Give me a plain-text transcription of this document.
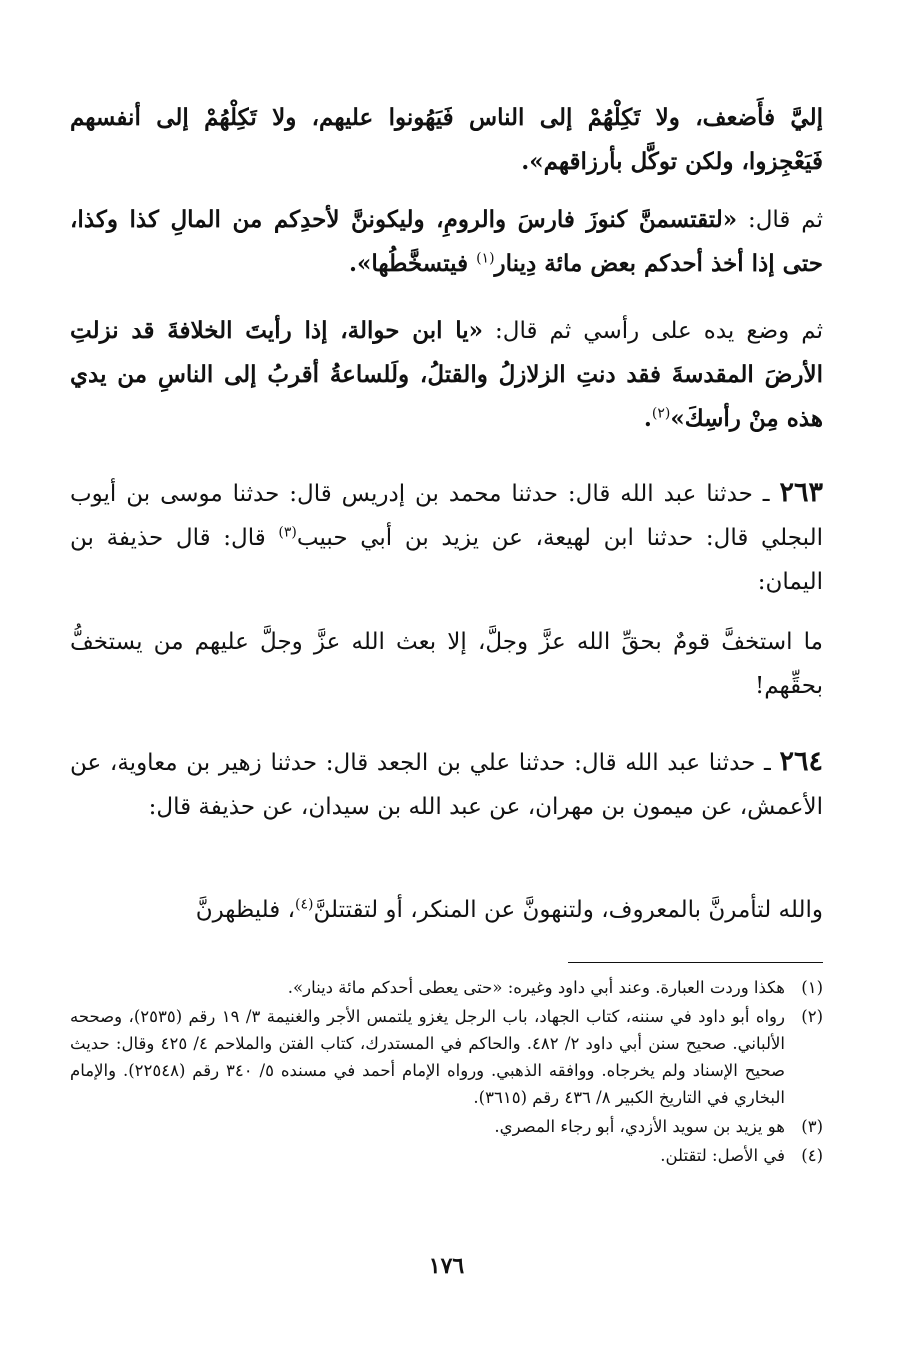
إليَّ فأَضعف، ولا تَكِلْهُمْ إلى الناس فَيَهُونوا عليهم، ولا تَكِلْهُمْ إلى أنفسهم فَيَعْجِزوا، ولكن توكَّل بأرزاقهم».

ثم قال: «لتقتسمنَّ كنوزَ فارسَ والرومِ، وليكوننَّ لأحدِكم من المالِ كذا وكذا، حتى إذا أخذ أحدكم بعض مائة دِينار$^{(١)}$ فيتسخَّطُها».

ثم وضع يده على رأسي ثم قال: «يا ابن حوالة، إذا رأيتَ الخلافةَ قد نزلتِ الأرضَ المقدسةَ فقد دنتِ الزلازلُ والقتلُ، ولَلساعةُ أقربُ إلى الناسِ من يدي هذه مِنْ رأسِكَ»$^{(٢)}$.

٢٦٣ ـ حدثنا عبد الله قال: حدثنا محمد بن إدريس قال: حدثنا موسى بن أيوب البجلي قال: حدثنا ابن لهيعة، عن يزيد بن أبي حبيب$^{(٣)}$ قال: قال حذيفة بن اليمان:

ما استخفَّ قومٌ بحقِّ الله عزَّ وجلَّ، إلا بعث الله عزَّ وجلَّ عليهم من يستخفُّ بحقِّهم!

٢٦٤ ـ حدثنا عبد الله قال: حدثنا علي بن الجعد قال: حدثنا زهير بن معاوية، عن الأعمش، عن ميمون بن مهران، عن عبد الله بن سيدان، عن حذيفة قال:

والله لتأمرنَّ بالمعروف، ولتنهونَّ عن المنكر، أو لتقتتلنَّ$^{(٤)}$، فليظهرنَّ

(١)
هكذا وردت العبارة. وعند أبي داود وغيره: «حتى يعطى أحدكم مائة دينار».
(٢)
رواه أبو داود في سننه، كتاب الجهاد، باب الرجل يغزو يلتمس الأجر والغنيمة ٣/ ١٩ رقم (٢٥٣٥)، وصححه الألباني. صحيح سنن أبي داود ٢/ ٤٨٢. والحاكم في المستدرك، كتاب الفتن والملاحم ٤/ ٤٢٥ وقال: حديث صحيح الإسناد ولم يخرجاه. ووافقه الذهبي. ورواه الإمام أحمد في مسنده ٥/ ٣٤٠ رقم (٢٢٥٤٨). والإمام البخاري في التاريخ الكبير ٨/ ٤٣٦ رقم (٣٦١٥).
(٣)
هو يزيد بن سويد الأزدي، أبو رجاء المصري.
(٤)
في الأصل: لتقتلن.
١٧٦
